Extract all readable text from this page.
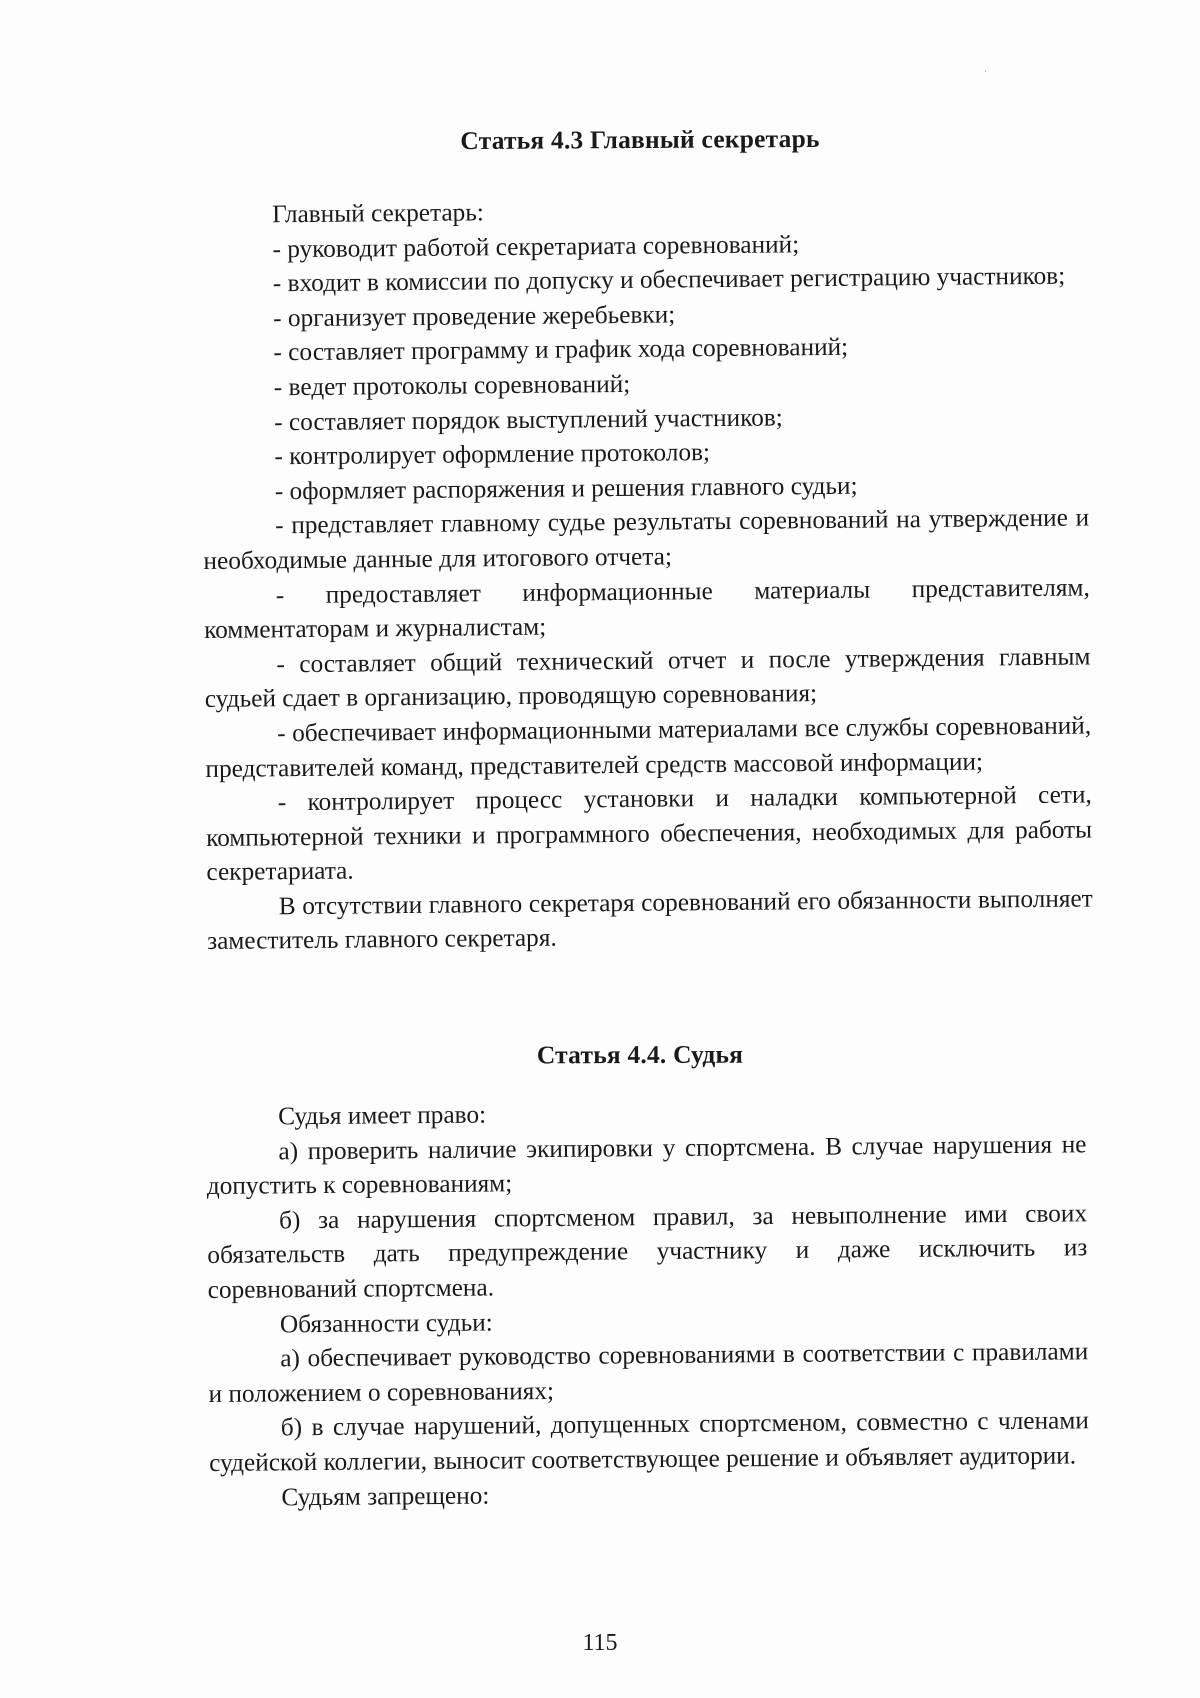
Статья 4.3 Главный секретарь

Главный секретарь:

- руководит работой секретариата соревнований;

- входит в комиссии по допуску и обеспечивает регистрацию участников;

- организует проведение жеребьевки;

- составляет программу и график хода соревнований;

- ведет протоколы соревнований;

- составляет порядок выступлений участников;

- контролирует оформление протоколов;

- оформляет распоряжения и решения главного судьи;

- представляет главному судье результаты соревнований на утверждение и необходимые данные для итогового отчета;

- предоставляет информационные материалы представителям, комментаторам и журналистам;

- составляет общий технический отчет и после утверждения главным судьей сдает в организацию, проводящую соревнования;

- обеспечивает информационными материалами все службы соревнований, представителей команд, представителей средств массовой информации;

- контролирует процесс установки и наладки компьютерной сети, компьютерной техники и программного обеспечения, необходимых для работы секретариата.

В отсутствии главного секретаря соревнований его обязанности выполняет заместитель главного секретаря.

Статья 4.4. Судья

Судья имеет право:

а) проверить наличие экипировки у спортсмена. В случае нарушения не допустить к соревнованиям;

б) за нарушения спортсменом правил, за невыполнение ими своих обязательств дать предупреждение участнику и даже исключить из соревнований спортсмена.

Обязанности судьи:

а) обеспечивает руководство соревнованиями в соответствии с правилами и положением о соревнованиях;

б) в случае нарушений, допущенных спортсменом, совместно с членами судейской коллегии, выносит соответствующее решение и объявляет аудитории.

Судьям запрещено:

115
